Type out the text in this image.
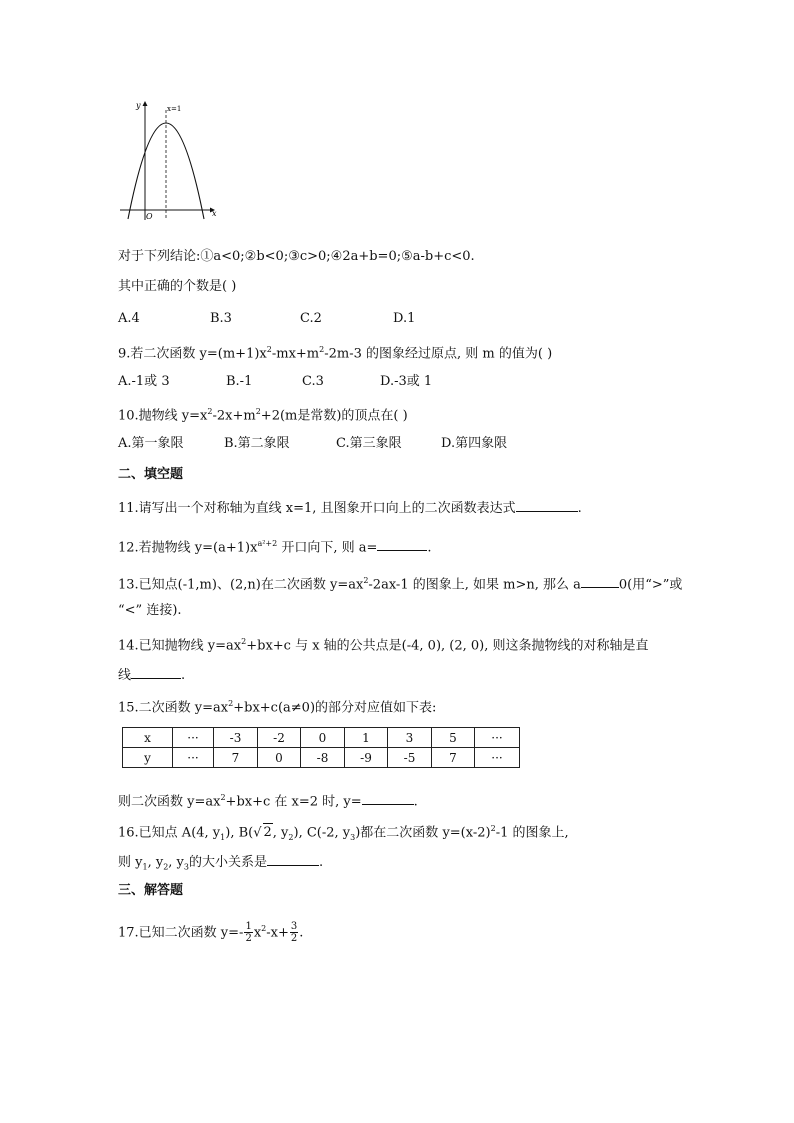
y
x
O
x=1
对于下列结论:①a<0;②b<0;③c>0;④2a+b=0;⑤a-b+c<0.
其中正确的个数是( )
A.4	B.3	C.2	D.1
9.若二次函数 $y=(m+1)x^2-mx+m^2-2m-3$ 的图象经过原点, 则 m 的值为( )
A.-1或 3	B.-1	C.3	D.-3或 1
10.抛物线 $y=x^2-2x+m^2+2(m$是常数)的顶点在( )
A.第一象限	B.第二象限	C.第三象限	D.第四象限
二、填空题
11.请写出一个对称轴为直线 x=1, 且图象开口向上的二次函数表达式	.
12.若抛物线 $y=(a+1)x^{a^2+2}$ 开口向下, 则 a=	.
13.已知点(-1,m)、(2,n)在二次函数 $y=ax^2-2ax-1$ 的图象上, 如果 m>n, 那么 a	0(用“>”或
“<” 连接).
14.已知抛物线 $y=ax^2+bx+c$ 与 x 轴的公共点是(-4, 0), (2, 0), 则这条抛物线的对称轴是直
线	.
15.二次函数 $y=ax^2+bx+c(a\ne 0)$的部分对应值如下表:
x	···	-3	-2	0	1	3	5	···
y	···	7	0	-8	-9	-5	7	···
则二次函数 $y=ax^2+bx+c$ 在 x=2 时, y=	.
16.已知点 A(4, $y_1$), B(√ 2, $y_2$), C(-2, $y_3$)都在二次函数 $y=(x-2)^2-1$ 的图象上,
则 $y_1$, $y_2$, $y_3$的大小关系是	.
三、解答题
17.已知二次函数 $y=- \frac{1}{2} x^2-x+ \frac{3}{2}$ .
